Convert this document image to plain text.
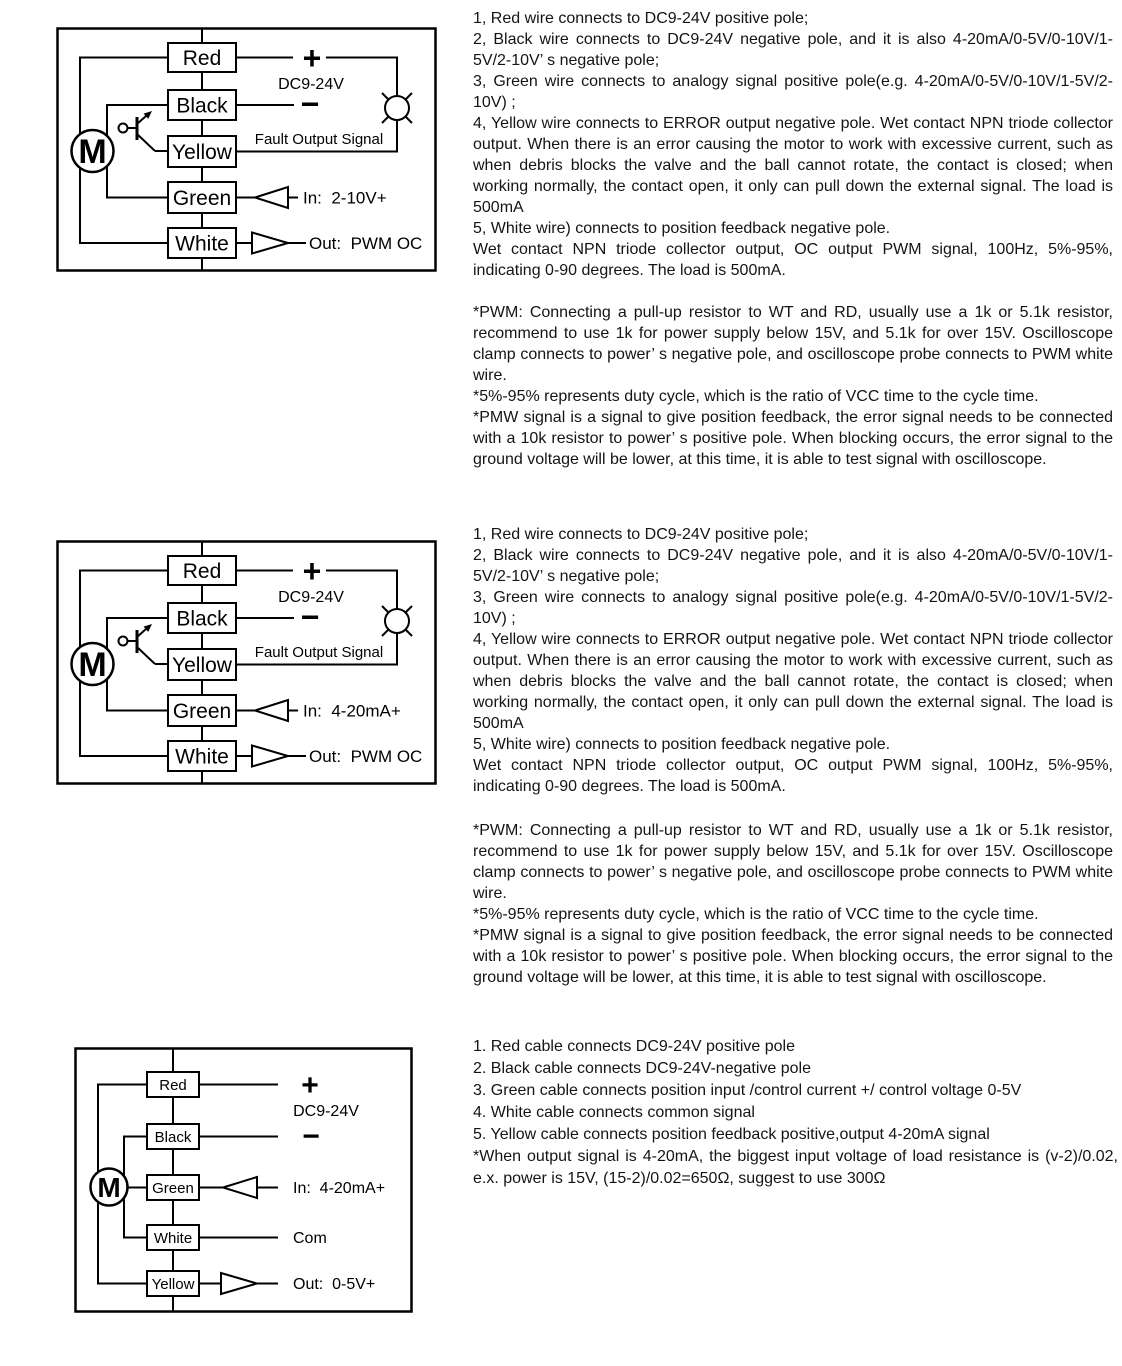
M
Red
Black
Yellow
Green
White
+
DC9-24V
−
Fault Output Signal
In:  2-10V+
Out:  PWM OC
M
Red
Black
Yellow
Green
White
+
DC9-24V
−
Fault Output Signal
In:  4-20mA+
Out:  PWM OC
M
Red
Black
Green
White
Yellow
+
DC9-24V
−
In:  4-20mA+
Com
Out:  0-5V+

1, Red wire connects to DC9-24V positive pole;

2, Black wire connects to DC9-24V negative pole, and it is also 4-20mA/0-5V/0-10V/1-5V/2-10V’ s negative pole;

3, Green wire connects to analogy signal positive pole(e.g. 4-20mA/0-5V/0-10V/1-5V/2-10V) ;

4, Yellow wire connects to ERROR output negative pole. Wet contact NPN triode collector output. When there is an error causing the motor to work with excessive current, such as when debris blocks the valve and the ball cannot rotate, the contact is closed; when working normally, the contact open, it only can pull down the external signal. The load is 500mA

5, White wire) connects to position feedback negative pole.

Wet contact NPN triode collector output, OC output PWM signal, 100Hz, 5%-95%, indicating 0-90 degrees. The load is 500mA.

*PWM: Connecting a pull-up resistor to WT and RD, usually use a 1k or 5.1k resistor, recommend to use 1k for power supply below 15V, and 5.1k for over 15V. Oscilloscope clamp connects to power’ s negative pole, and oscilloscope probe connects to PWM white wire.

*5%-95% represents duty cycle, which is the ratio of VCC time to the cycle time.

*PMW signal is a signal to give position feedback, the error signal needs to be connected with a 10k resistor to power’ s positive pole. When blocking occurs, the error signal to the ground voltage will be lower, at this time, it is able to test signal with oscilloscope.

1, Red wire connects to DC9-24V positive pole;

2, Black wire connects to DC9-24V negative pole, and it is also 4-20mA/0-5V/0-10V/1-5V/2-10V’ s negative pole;

3, Green wire connects to analogy signal positive pole(e.g. 4-20mA/0-5V/0-10V/1-5V/2-10V) ;

4, Yellow wire connects to ERROR output negative pole. Wet contact NPN triode collector output. When there is an error causing the motor to work with excessive current, such as when debris blocks the valve and the ball cannot rotate, the contact is closed; when working normally, the contact open, it only can pull down the external signal. The load is 500mA

5, White wire) connects to position feedback negative pole.

Wet contact NPN triode collector output, OC output PWM signal, 100Hz, 5%-95%, indicating 0-90 degrees. The load is 500mA.

*PWM: Connecting a pull-up resistor to WT and RD, usually use a 1k or 5.1k resistor, recommend to use 1k for power supply below 15V, and 5.1k for over 15V. Oscilloscope clamp connects to power’ s negative pole, and oscilloscope probe connects to PWM white wire.

*5%-95% represents duty cycle, which is the ratio of VCC time to the cycle time.

*PMW signal is a signal to give position feedback, the error signal needs to be connected with a 10k resistor to power’ s positive pole. When blocking occurs, the error signal to the ground voltage will be lower, at this time, it is able to test signal with oscilloscope.

1. Red cable connects DC9-24V positive pole

2. Black cable connects DC9-24V-negative pole

3. Green cable connects position input /control current +/ control voltage 0-5V

4. White cable connects common signal

5. Yellow cable connects position feedback positive,output 4-20mA signal

*When output signal is 4-20mA, the biggest input voltage of load resistance is (v-2)/0.02, e.x. power is 15V, (15-2)/0.02=650Ω, suggest to use 300Ω
